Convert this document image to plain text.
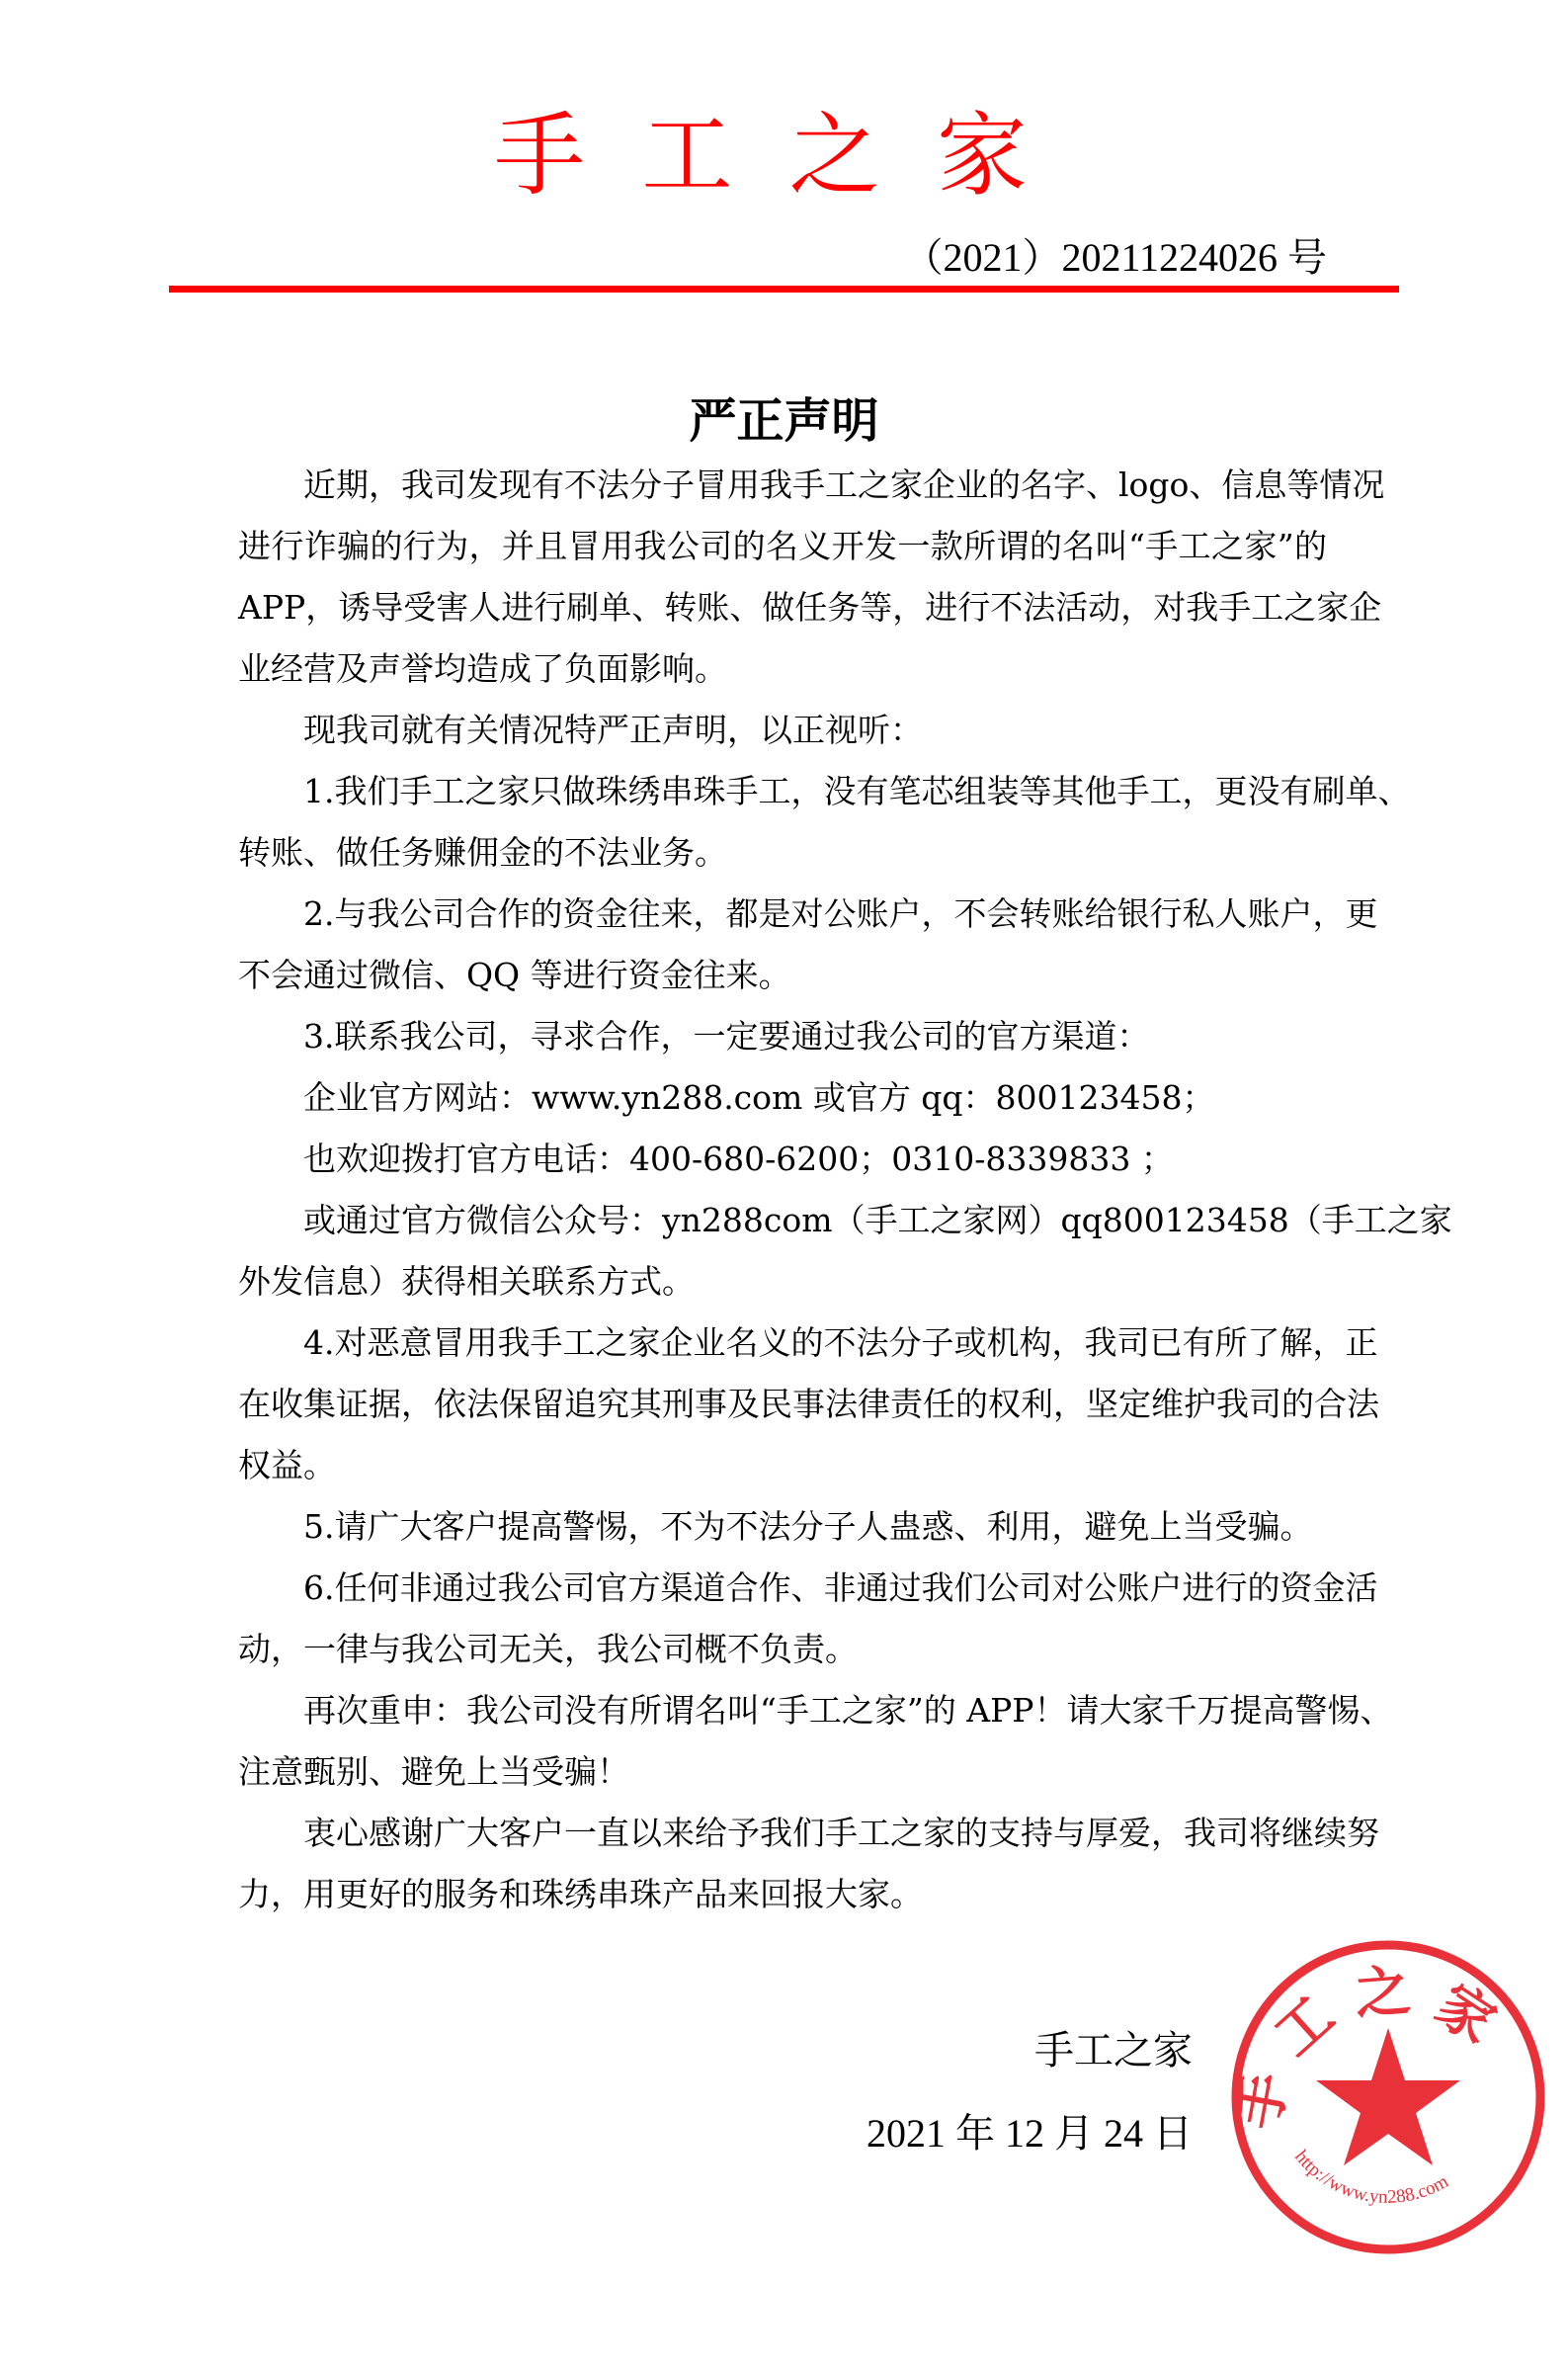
手 工 之 家
（2021）20211224026 号
严正声明
近期，我司发现有不法分子冒用我手工之家企业的名字、logo、信息等情况
进行诈骗的行为，并且冒用我公司的名义开发一款所谓的名叫“手工之家”的
APP，诱导受害人进行刷单、转账、做任务等，进行不法活动，对我手工之家企
业经营及声誉均造成了负面影响。
现我司就有关情况特严正声明，以正视听：
1.我们手工之家只做珠绣串珠手工，没有笔芯组装等其他手工，更没有刷单、
转账、做任务赚佣金的不法业务。
2.与我公司合作的资金往来，都是对公账户，不会转账给银行私人账户，更
不会通过微信、QQ 等进行资金往来。
3.联系我公司，寻求合作，一定要通过我公司的官方渠道：
企业官方网站：www.yn288.com 或官方 qq：800123458；
也欢迎拨打官方电话：400-680-6200；0310-8339833 ；
或通过官方微信公众号：yn288com（手工之家网）qq800123458（手工之家
外发信息）获得相关联系方式。
4.对恶意冒用我手工之家企业名义的不法分子或机构，我司已有所了解，正
在收集证据，依法保留追究其刑事及民事法律责任的权利，坚定维护我司的合法
权益。
5.请广大客户提高警惕，不为不法分子人蛊惑、利用，避免上当受骗。
6.任何非通过我公司官方渠道合作、非通过我们公司对公账户进行的资金活
动，一律与我公司无关，我公司概不负责。
再次重申：我公司没有所谓名叫“手工之家”的 APP！请大家千万提高警惕、
注意甄别、避免上当受骗！
衷心感谢广大客户一直以来给予我们手工之家的支持与厚爱，我司将继续努
力，用更好的服务和珠绣串珠产品来回报大家。
手工之家
2021 年 12 月 24 日 手 工 之 家
http://www.yn288.com
